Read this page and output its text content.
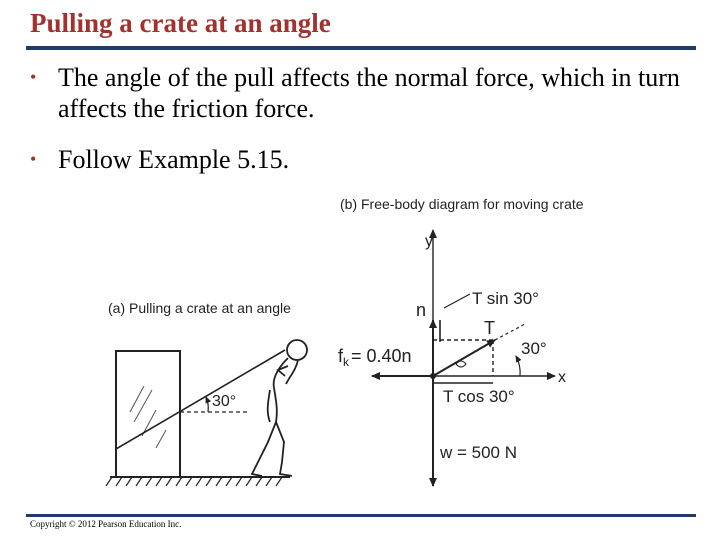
Pulling a crate at an angle
• The angle of the pull affects the normal force, which in turn affects the friction force.
• Follow Example 5.15.
(a) Pulling a crate at an angle
30°
(b) Free-body diagram for moving crate
y
x
n
$f_k = 0.40n$
w = 500 N
T
T sin 30°
T cos 30°
30°
Copyright © 2012 Pearson Education Inc.
